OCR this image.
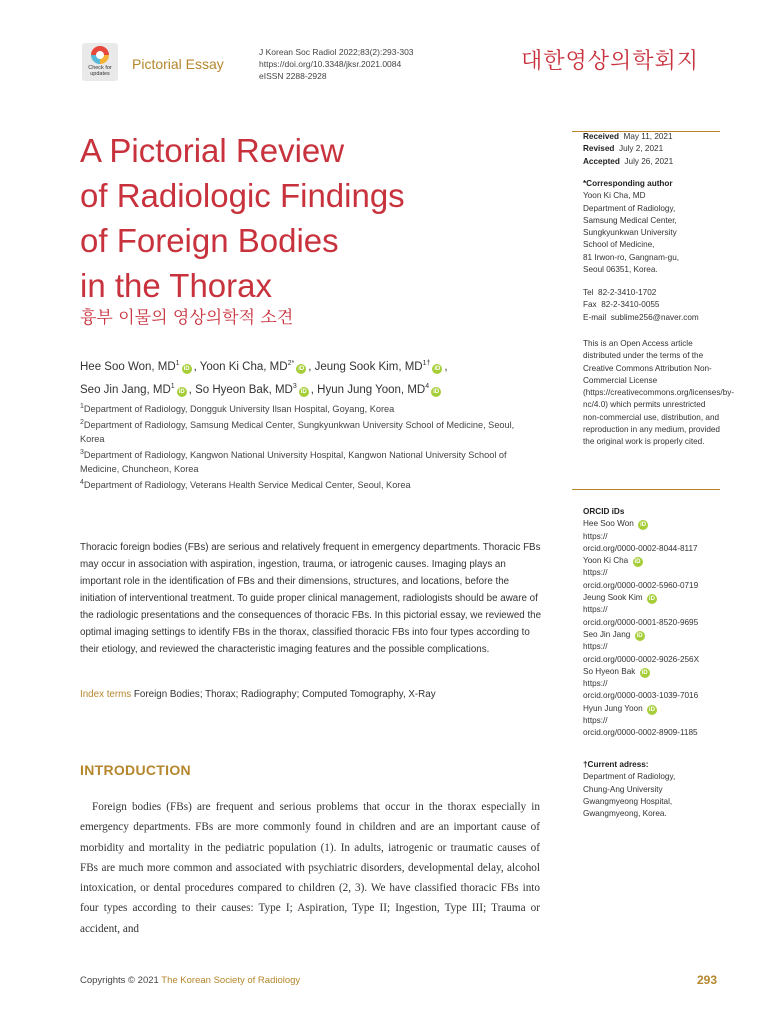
Check for updates
Pictorial Essay
J Korean Soc Radiol 2022;83(2):293-303
https://doi.org/10.3348/jksr.2021.0084
eISSN 2288-2928
대한영상의학회지
A Pictorial Review
of Radiologic Findings
of Foreign Bodies
in the Thorax
흉부 이물의 영상의학적 소견
Hee Soo Won, $MD^1iD$ , Yoon Ki Cha, $MD^{2*}iD$ , Jeung Sook Kim, $MD^{1\dagger}iD$ ,
Seo Jin Jang, $MD^1iD$ , So Hyeon Bak, $MD^3iD$ , Hyun Jung Yoon, $MD^4iD$
$^1$Department of Radiology, Dongguk University Ilsan Hospital, Goyang, Korea
$^2$Department of Radiology, Samsung Medical Center, Sungkyunkwan University School of Medicine, Seoul, Korea
$^3$Department of Radiology, Kangwon National University Hospital, Kangwon National University School of Medicine, Chuncheon, Korea
$^4$Department of Radiology, Veterans Health Service Medical Center, Seoul, Korea
Thoracic foreign bodies (FBs) are serious and relatively frequent in emergency departments. Thoracic FBs may occur in association with aspiration, ingestion, trauma, or iatrogenic causes. Imaging plays an important role in the identification of FBs and their dimensions, structures, and locations, before the initiation of interventional treatment. To guide proper clinical management, radiologists should be aware of the radiologic presentations and the consequences of thoracic FBs. In this pictorial essay, we reviewed the optimal imaging settings to identify FBs in the thorax, classified thoracic FBs into four types according to their etiology, and reviewed the characteristic imaging features and the possible complications.
Index terms Foreign Bodies; Thorax; Radiography; Computed Tomography, X-Ray
INTRODUCTION
Foreign bodies (FBs) are frequent and serious problems that occur in the thorax especially in emergency departments. FBs are more commonly found in children and are an important cause of morbidity and mortality in the pediatric population (1). In adults, iatrogenic or traumatic causes of FBs are much more common and associated with psychiatric disorders, developmental delay, alcohol intoxication, or dental procedures compared to children (2, 3). We have classified thoracic FBs into four types according to their causes: Type I; Aspiration, Type II; Ingestion, Type III; Trauma or accident, and
Copyrights © 2021 The Korean Society of Radiology	293
Received May 11, 2021
Revised July 2, 2021
Accepted July 26, 2021
*Corresponding author
Yoon Ki Cha, MD
Department of Radiology,
Samsung Medical Center,
Sungkyunkwan University
School of Medicine,
81 Irwon-ro, Gangnam-gu,
Seoul 06351, Korea.
Tel 82-2-3410-1702
Fax 82-2-3410-0055
E-mail sublime256@naver.com
This is an Open Access article distributed under the terms of the Creative Commons Attribution Non-Commercial License (https://creativecommons.org/licenses/by-nc/4.0) which permits unrestricted non-commercial use, distribution, and reproduction in any medium, provided the original work is properly cited.
ORCID iDs
Hee Soo Won iD
https://
orcid.org/0000-0002-8044-8117
Yoon Ki Cha iD
https://
orcid.org/0000-0002-5960-0719
Jeung Sook Kim iD
https://
orcid.org/0000-0001-8520-9695
Seo Jin Jang iD
https://
orcid.org/0000-0002-9026-256X
So Hyeon Bak iD
https://
orcid.org/0000-0003-1039-7016
Hyun Jung Yoon iD
https://
orcid.org/0000-0002-8909-1185
†Current adress:
Department of Radiology,
Chung-Ang University
Gwangmyeong Hospital,
Gwangmyeong, Korea.
